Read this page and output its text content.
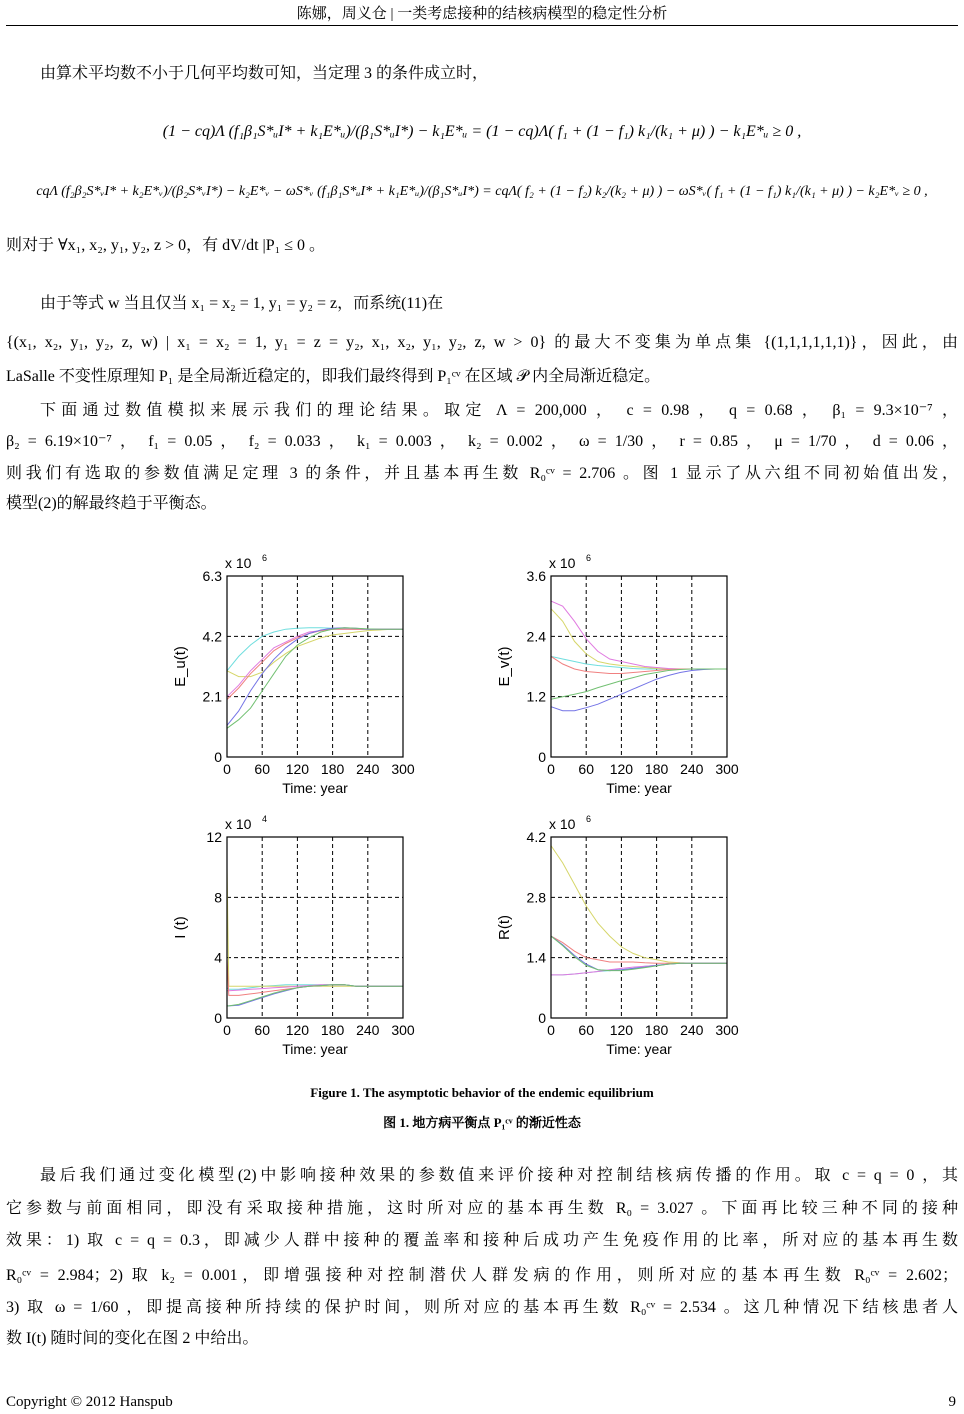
陈娜，周义仓 | 一类考虑接种的结核病模型的稳定性分析
由算术平均数不小于几何平均数可知，当定理 3 的条件成立时，
(1 − cq)Λ (f₁β₁S*ᵤI* + k₁E*ᵤ)/(β₁S*ᵤI*) − k₁E*ᵤ = (1 − cq)Λ( f₁ + (1 − f₁) k₁/(k₁ + μ) ) − k₁E*ᵤ ≥ 0 ,
cqΛ (f₂β₂S*ᵥI* + k₂E*ᵥ)/(β₂S*ᵥI*) − k₂E*ᵥ − ωS*ᵥ (f₁β₁S*ᵤI* + k₁E*ᵤ)/(β₁S*ᵤI*) = cqΛ( f₂ + (1 − f₂) k₂/(k₂ + μ) ) − ωS*ᵥ( f₁ + (1 − f₁) k₁/(k₁ + μ) ) − k₂E*ᵥ ≥ 0 ,
则对于 ∀x₁, x₂, y₁, y₂, z > 0，有 dV/dt |P₁ ≤ 0 。
由于等式 w 当且仅当 x₁ = x₂ = 1, y₁ = y₂ = z，而系统(11)在
{(x₁, x₂, y₁, y₂, z, w) | x₁ = x₂ = 1, y₁ = z = y₂, x₁, x₂, y₁, y₂, z, w > 0} 的最大不变集为单点集 {(1,1,1,1,1,1)}，因此，由
LaSalle 不变性原理知 P₁ 是全局渐近稳定的，即我们最终得到 P₁ᶜᵛ 在区域 𝒫 内全局渐近稳定。
下面通过数值模拟来展示我们的理论结果。取定 Λ = 200,000 ， c = 0.98 ， q = 0.68 ， β₁ = 9.3×10⁻⁷ ，
β₂ = 6.19×10⁻⁷ ， f₁ = 0.05 ， f₂ = 0.033 ， k₁ = 0.003 ， k₂ = 0.002 ， ω = 1/30 ， r = 0.85 ， μ = 1/70 ， d = 0.06 ，
则我们有选取的参数值满足定理 3 的条件，并且基本再生数 R₀ᶜᵛ = 2.706 。图 1 显示了从六组不同初始值出发，
模型(2)的解最终趋于平衡态。
0 60 120 180 240 300
0
2.1
4.2
6.3
x 10 6
Time: year
E_u(t)
0 60 120 180 240 300
0
1.2
2.4
3.6
x 10 6
Time: year
E_v(t)
0 60 120 180 240 300
0
4
8
12
x 10 4
Time: year
I (t)
0 60 120 180 240 300
0
1.4
2.8
4.2
x 10 6
Time: year
R(t)
Figure 1. The asymptotic behavior of the endemic equilibrium
图 1. 地方病平衡点 P₁ᶜᵛ 的渐近性态
最后我们通过变化模型(2)中影响接种效果的参数值来评价接种对控制结核病传播的作用。取 c = q = 0 ，其
它参数与前面相同，即没有采取接种措施，这时所对应的基本再生数 R₀ = 3.027 。下面再比较三种不同的接种
效果：1) 取 c = q = 0.3，即减少人群中接种的覆盖率和接种后成功产生免疫作用的比率，所对应的基本再生数
R₀ᶜᵛ = 2.984；2) 取 k₂ = 0.001，即增强接种对控制潜伏人群发病的作用，则所对应的基本再生数 R₀ᶜᵛ = 2.602；
3) 取 ω = 1/60 ，即提高接种所持续的保护时间，则所对应的基本再生数 R₀ᶜᵛ = 2.534 。这几种情况下结核患者人
数 I(t) 随时间的变化在图 2 中给出。
Copyright © 2012 Hanspub	9
